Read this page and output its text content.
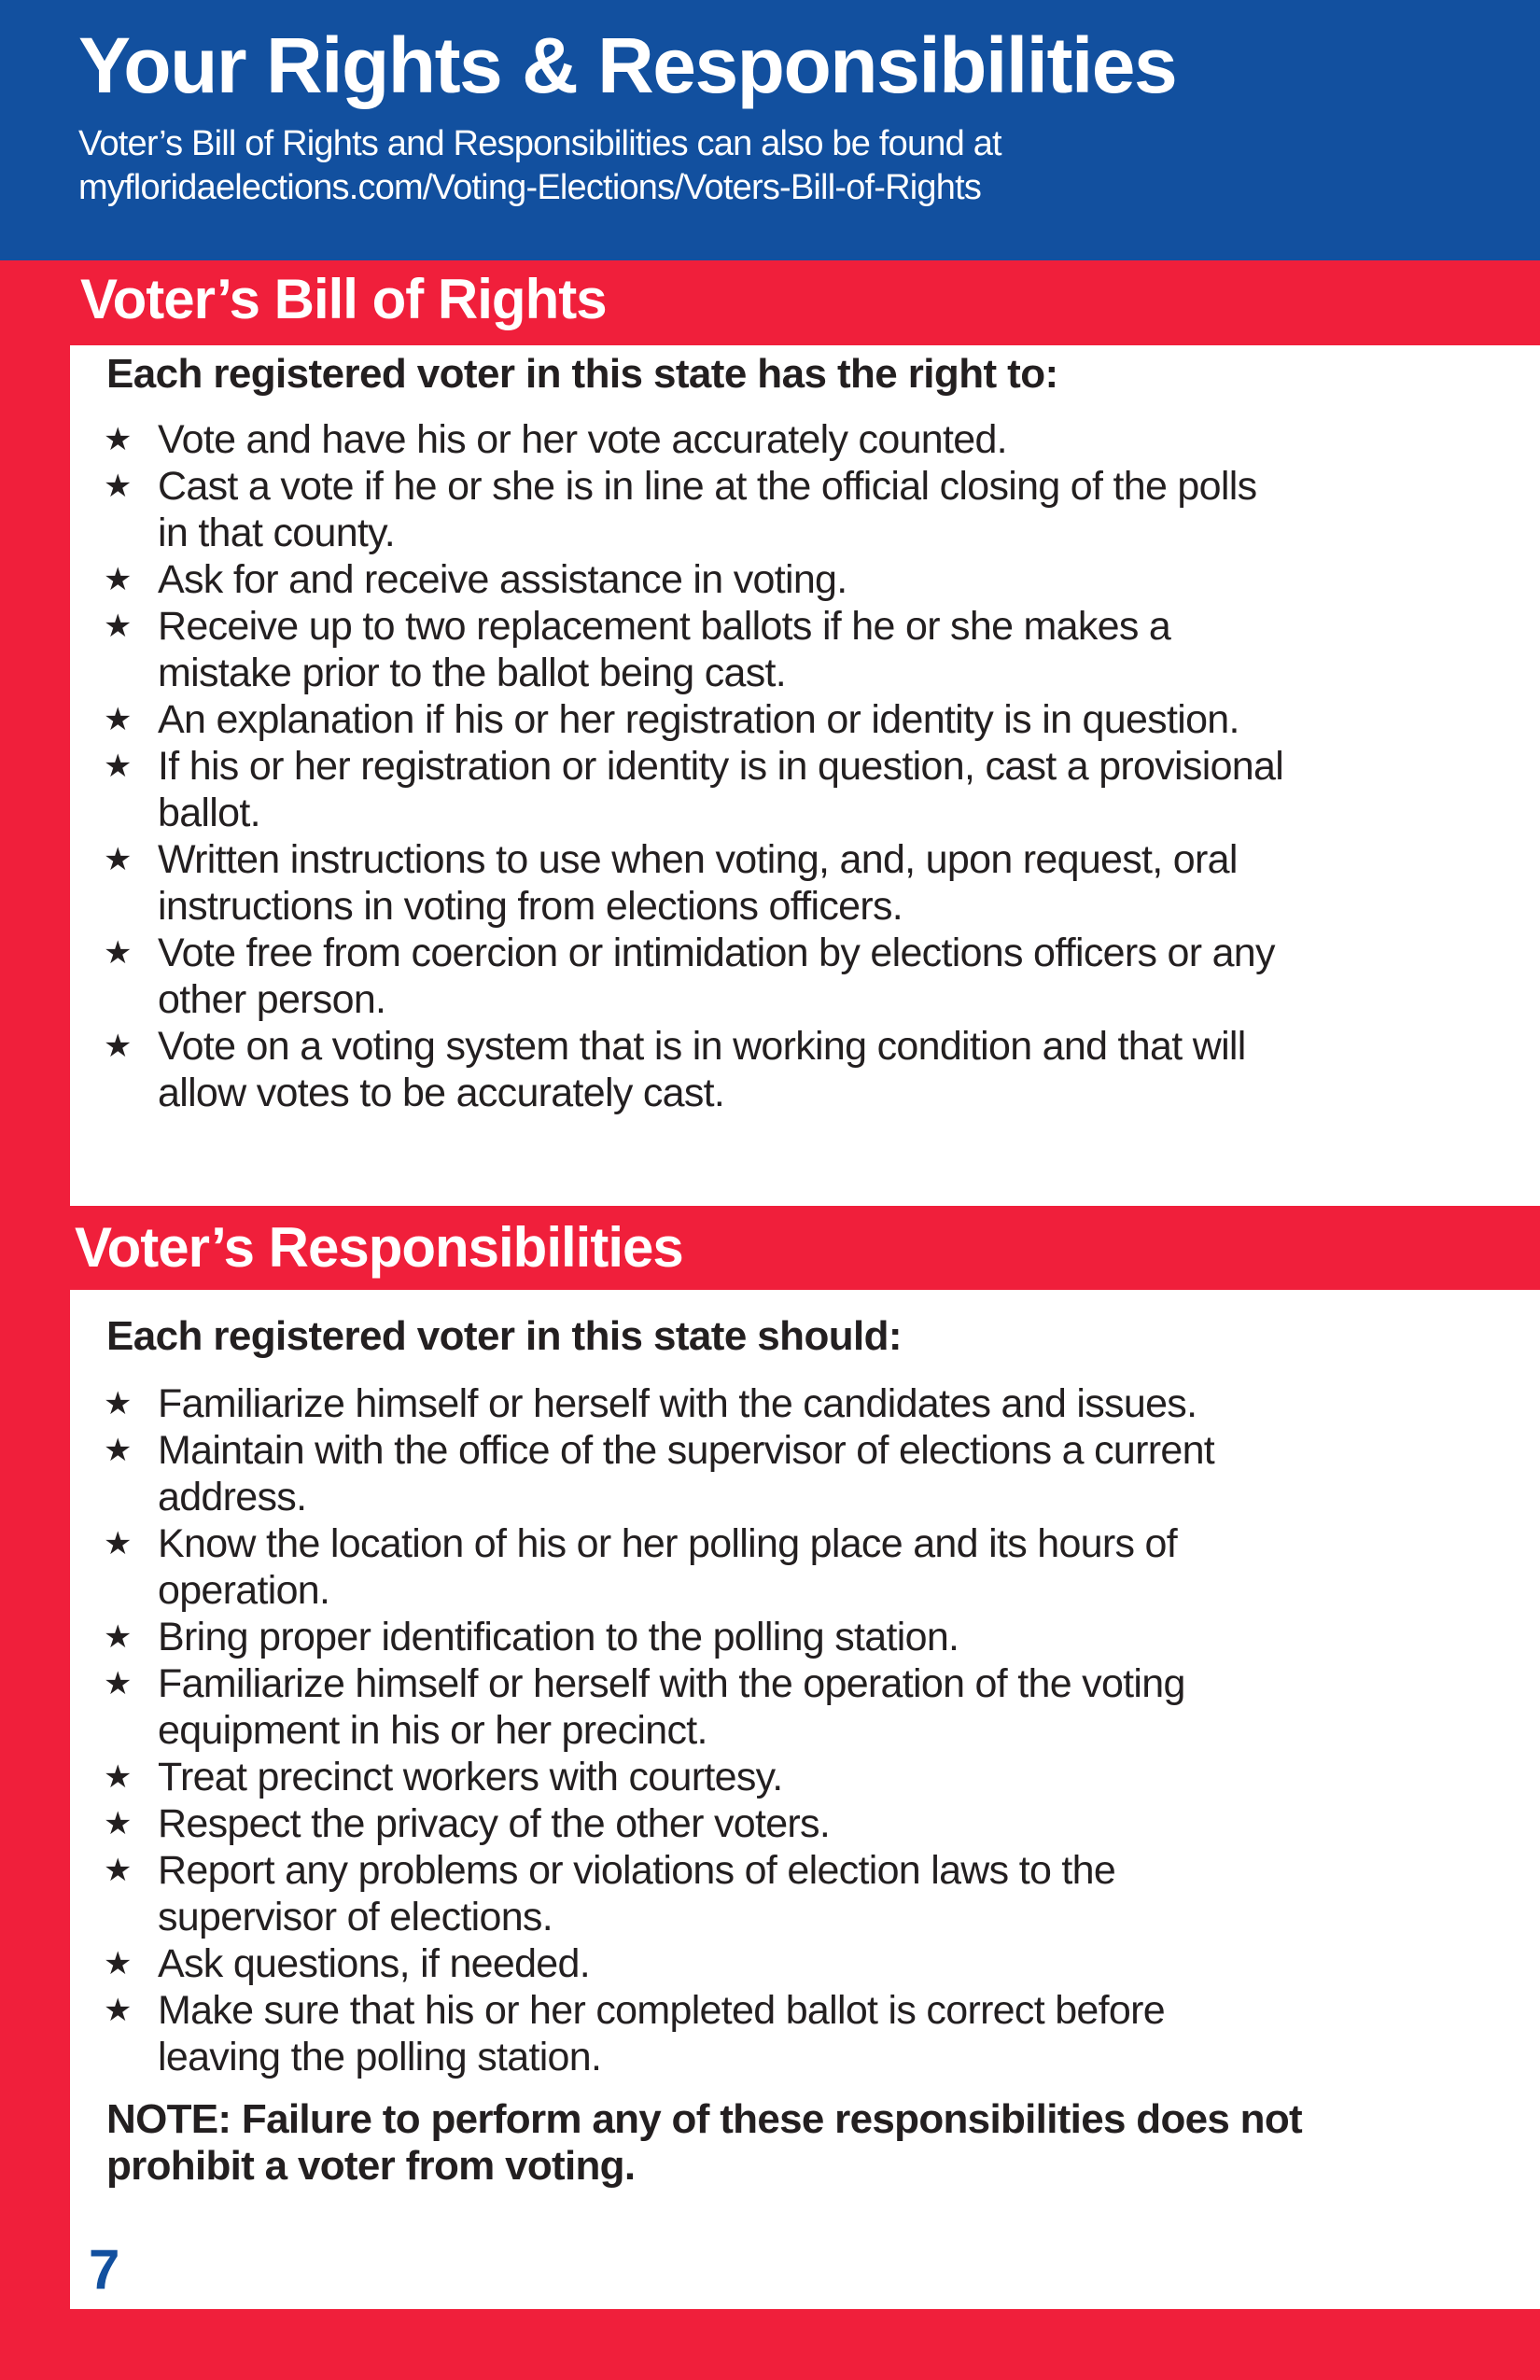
Your Rights & Responsibilities
Voter’s Bill of Rights and Responsibilities can also be found at
myfloridaelections.com/Voting-Elections/Voters-Bill-of-Rights
Voter’s Bill of Rights
Each registered voter in this state has the right to:
★ Vote and have his or her vote accurately counted.
★ Cast a vote if he or she is in line at the official closing of the polls
in that county.
★ Ask for and receive assistance in voting.
★ Receive up to two replacement ballots if he or she makes a
mistake prior to the ballot being cast.
★ An explanation if his or her registration or identity is in question.
★ If his or her registration or identity is in question, cast a provisional
ballot.
★ Written instructions to use when voting, and, upon request, oral
instructions in voting from elections officers.
★ Vote free from coercion or intimidation by elections officers or any
other person.
★ Vote on a voting system that is in working condition and that will
allow votes to be accurately cast.
Voter’s Responsibilities
Each registered voter in this state should:
★ Familiarize himself or herself with the candidates and issues.
★ Maintain with the office of the supervisor of elections a current
address.
★ Know the location of his or her polling place and its hours of
operation.
★ Bring proper identification to the polling station.
★ Familiarize himself or herself with the operation of the voting
equipment in his or her precinct.
★ Treat precinct workers with courtesy.
★ Respect the privacy of the other voters.
★ Report any problems or violations of election laws to the
supervisor of elections.
★ Ask questions, if needed.
★ Make sure that his or her completed ballot is correct before
leaving the polling station.
NOTE: Failure to perform any of these responsibilities does not
prohibit a voter from voting.
7
